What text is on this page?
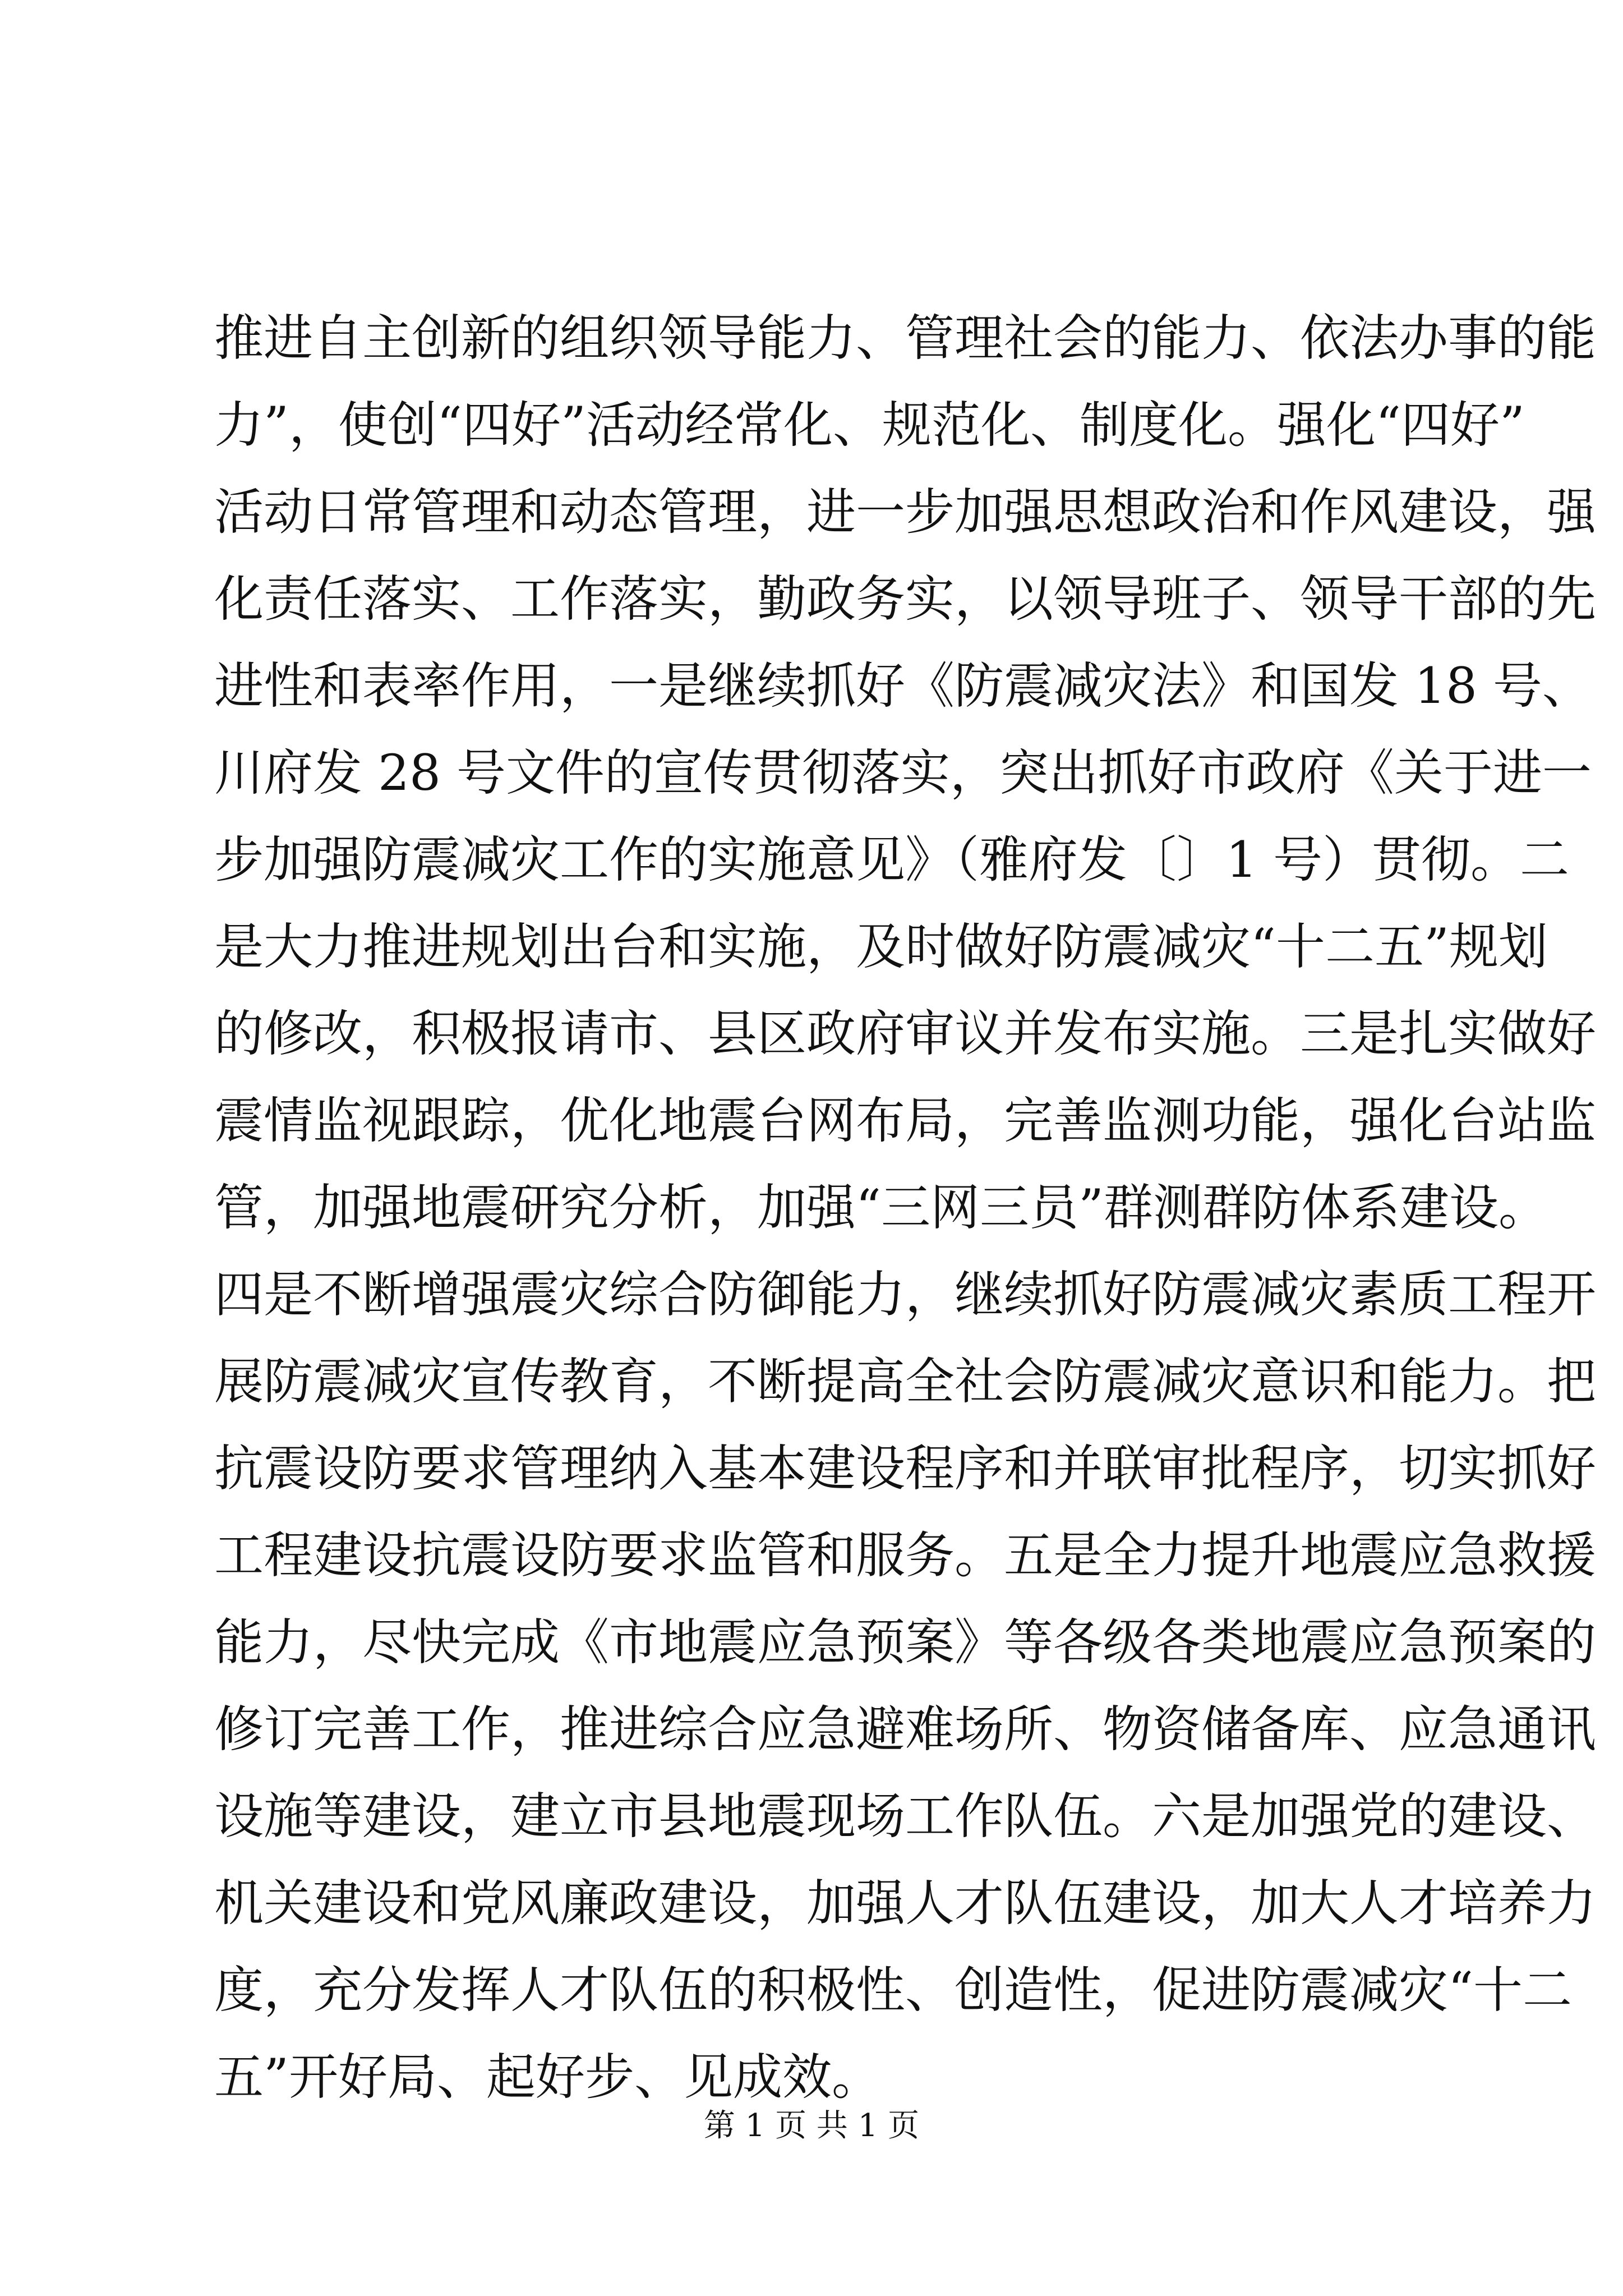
推进自主创新的组织领导能力、管理社会的能力、依法办事的能
力”，使创“四好”活动经常化、规范化、制度化。强化“四好”
活动日常管理和动态管理，进一步加强思想政治和作风建设，强
化责任落实、工作落实，勤政务实，以领导班子、领导干部的先
进性和表率作用，一是继续抓好《防震减灾法》和国发 18 号、
川府发 28 号文件的宣传贯彻落实，突出抓好市政府《关于进一
步加强防震减灾工作的实施意见》（雅府发〔〕1 号）贯彻。二
是大力推进规划出台和实施，及时做好防震减灾“十二五”规划
的修改，积极报请市、县区政府审议并发布实施。三是扎实做好
震情监视跟踪，优化地震台网布局，完善监测功能，强化台站监
管，加强地震研究分析，加强“三网三员”群测群防体系建设。
四是不断增强震灾综合防御能力，继续抓好防震减灾素质工程开
展防震减灾宣传教育，不断提高全社会防震减灾意识和能力。把
抗震设防要求管理纳入基本建设程序和并联审批程序，切实抓好
工程建设抗震设防要求监管和服务。五是全力提升地震应急救援
能力，尽快完成《市地震应急预案》等各级各类地震应急预案的
修订完善工作，推进综合应急避难场所、物资储备库、应急通讯
设施等建设，建立市县地震现场工作队伍。六是加强党的建设、
机关建设和党风廉政建设，加强人才队伍建设，加大人才培养力
度，充分发挥人才队伍的积极性、创造性，促进防震减灾“十二
五”开好局、起好步、见成效。
第 1 页 共 1 页
